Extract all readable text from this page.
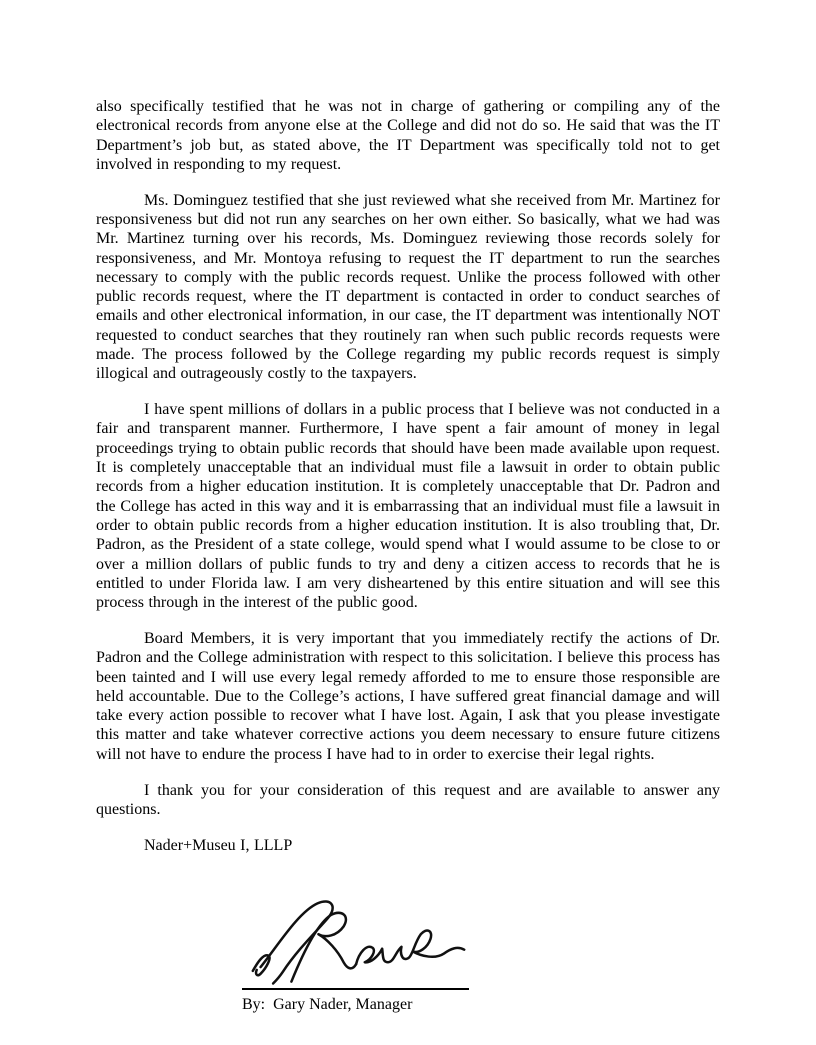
also specifically testified that he was not in charge of gathering or compiling any of the electronical records from anyone else at the College and did not do so. He said that was the IT Department’s job but, as stated above, the IT Department was specifically told not to get involved in responding to my request.

Ms. Dominguez testified that she just reviewed what she received from Mr. Martinez for responsiveness but did not run any searches on her own either. So basically, what we had was Mr. Martinez turning over his records, Ms. Dominguez reviewing those records solely for responsiveness, and Mr. Montoya refusing to request the IT department to run the searches necessary to comply with the public records request. Unlike the process followed with other public records request, where the IT department is contacted in order to conduct searches of emails and other electronical information, in our case, the IT department was intentionally NOT requested to conduct searches that they routinely ran when such public records requests were made. The process followed by the College regarding my public records request is simply illogical and outrageously costly to the taxpayers.

I have spent millions of dollars in a public process that I believe was not conducted in a fair and transparent manner. Furthermore, I have spent a fair amount of money in legal proceedings trying to obtain public records that should have been made available upon request. It is completely unacceptable that an individual must file a lawsuit in order to obtain public records from a higher education institution. It is completely unacceptable that Dr. Padron and the College has acted in this way and it is embarrassing that an individual must file a lawsuit in order to obtain public records from a higher education institution. It is also troubling that, Dr. Padron, as the President of a state college, would spend what I would assume to be close to or over a million dollars of public funds to try and deny a citizen access to records that he is entitled to under Florida law. I am very disheartened by this entire situation and will see this process through in the interest of the public good.

Board Members, it is very important that you immediately rectify the actions of Dr. Padron and the College administration with respect to this solicitation. I believe this process has been tainted and I will use every legal remedy afforded to me to ensure those responsible are held accountable. Due to the College’s actions, I have suffered great financial damage and will take every action possible to recover what I have lost. Again, I ask that you please investigate this matter and take whatever corrective actions you deem necessary to ensure future citizens will not have to endure the process I have had to in order to exercise their legal rights.

I thank you for your consideration of this request and are available to answer any questions.

Nader+Museu I, LLLP

By:  Gary Nader, Manager
